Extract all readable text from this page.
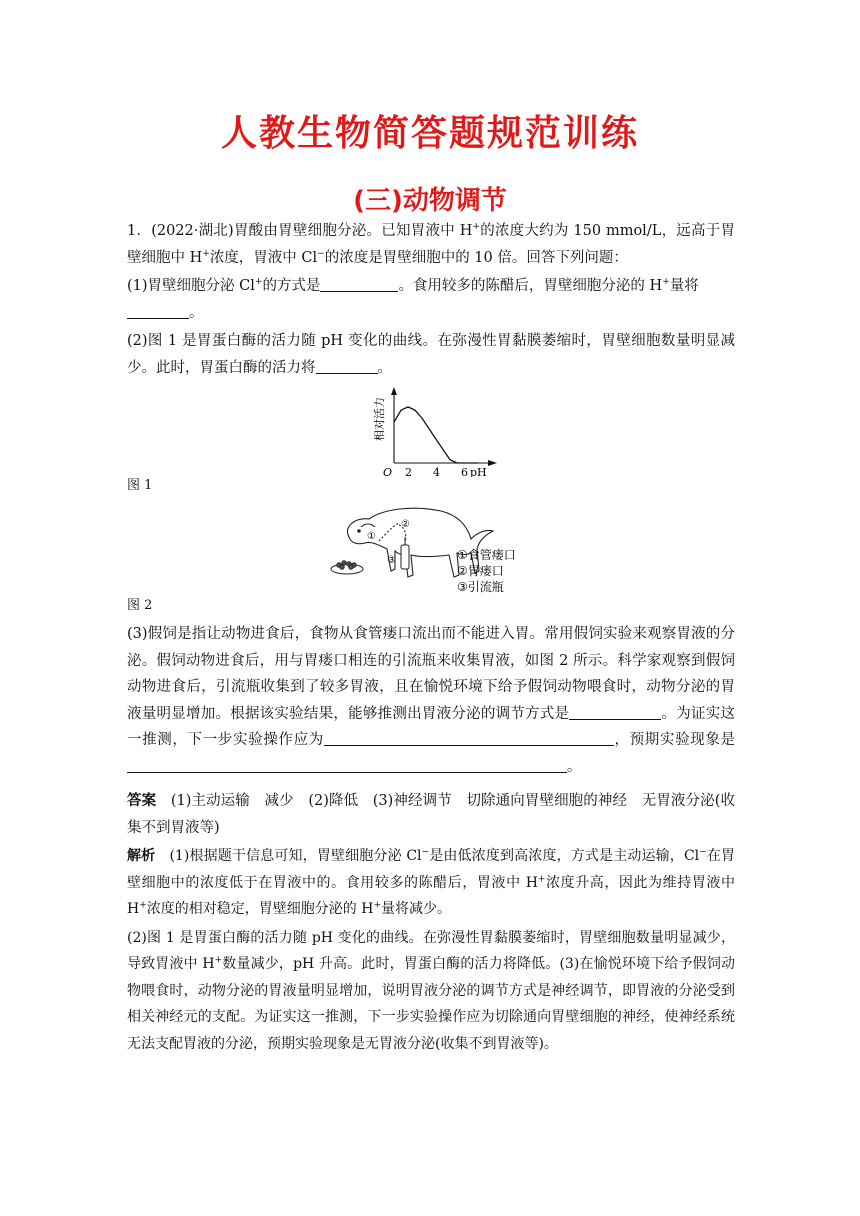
人教生物简答题规范训练
(三)动物调节

1．(2022·湖北)胃酸由胃壁细胞分泌。已知胃液中 H+的浓度大约为 150 mmol/L，远高于胃壁细胞中 H+浓度，胃液中 Cl−的浓度是胃壁细胞中的 10 倍。回答下列问题：

(1)胃壁细胞分泌 Cl+的方式是	。食用较多的陈醋后，胃壁细胞分泌的 H+量将
。

(2)图 1 是胃蛋白酶的活力随 pH 变化的曲线。在弥漫性胃黏膜萎缩时，胃壁细胞数量明显减少。此时，胃蛋白酶的活力将	。

相对活力
O 2 4 6 pH

图 1

①
②
③	①食管瘘口
②胃瘘口
③引流瓶

图 2

(3)假饲是指让动物进食后，食物从食管瘘口流出而不能进入胃。常用假饲实验来观察胃液的分泌。假饲动物进食后，用与胃瘘口相连的引流瓶来收集胃液，如图 2 所示。科学家观察到假饲动物进食后，引流瓶收集到了较多胃液，且在愉悦环境下给予假饲动物喂食时，动物分泌的胃液量明显增加。根据该实验结果，能够推测出胃液分泌的调节方式是	。为证实这一推测，下一步实验操作应为	，预期实验现象是。

答案　 (1)主动运输　减少　(2)降低　(3)神经调节　切除通向胃壁细胞的神经　无胃液分泌(收集不到胃液等)

解析　 (1)根据题干信息可知，胃壁细胞分泌 Cl−是由低浓度到高浓度，方式是主动运输，Cl−在胃壁细胞中的浓度低于在胃液中的。食用较多的陈醋后，胃液中 H+浓度升高，因此为维持胃液中 H+浓度的相对稳定，胃壁细胞分泌的 H+量将减少。

(2)图 1 是胃蛋白酶的活力随 pH 变化的曲线。在弥漫性胃黏膜萎缩时，胃壁细胞数量明显减少，导致胃液中 H+数量减少，pH 升高。此时，胃蛋白酶的活力将降低。(3)在愉悦环境下给予假饲动物喂食时，动物分泌的胃液量明显增加，说明胃液分泌的调节方式是神经调节，即胃液的分泌受到相关神经元的支配。为证实这一推测，下一步实验操作应为切除通向胃壁细胞的神经，使神经系统无法支配胃液的分泌，预期实验现象是无胃液分泌(收集不到胃液等)。
